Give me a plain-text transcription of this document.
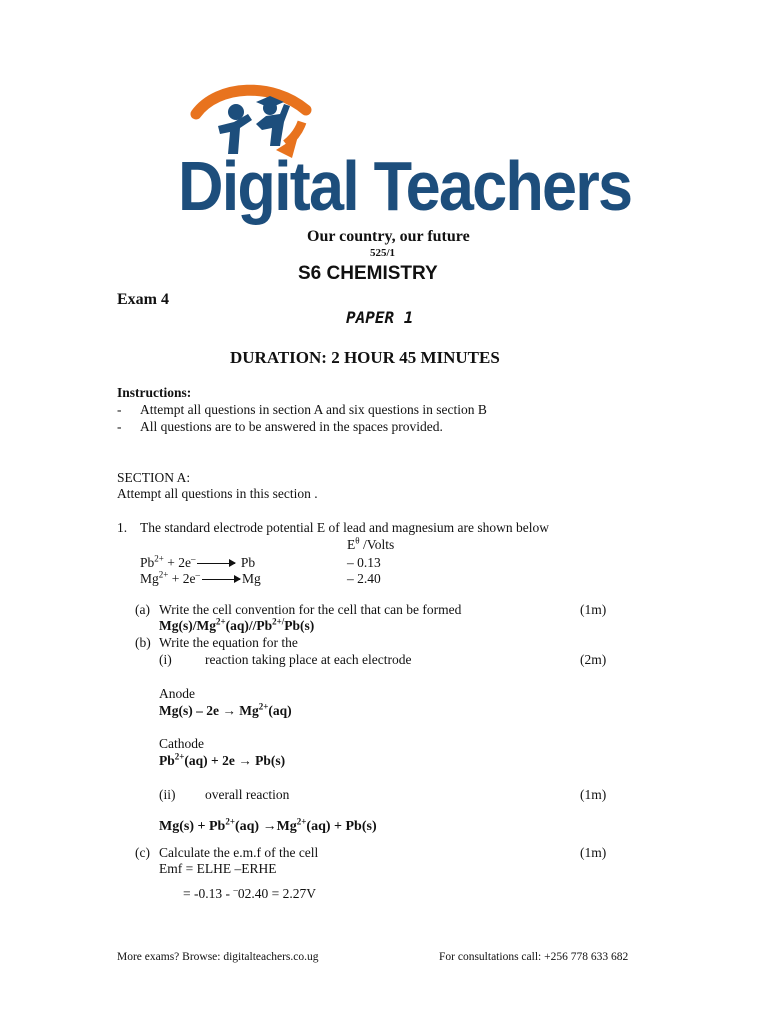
Digital Teachers
Our country, our future
525/1
S6 CHEMISTRY
Exam 4
PAPER 1
DURATION: 2 HOUR 45 MINUTES
Instructions:
- Attempt all questions in section A and six questions in section B
- All questions are to be answered in the spaces provided.
SECTION A:
Attempt all questions in this section .
1. The standard electrode potential E of lead and magnesium are shown below
$E^\theta$ /Volts
$Pb^{2+} + 2e^-$	Pb	– 0.13
$Mg^{2+} + 2e^-$	Mg	– 2.40
(a) Write the cell convention for the cell that can be formed	(1m)
$Mg(s)/Mg^{2+}(aq)//Pb^{2+/}Pb(s)$
(b) Write the equation for the
(i) reaction taking place at each electrode	(2m)
Anode
$Mg(s) - 2e \to Mg^{2+}(aq)$
Cathode
$Pb^{2+}(aq) + 2e \to Pb(s)$
(ii) overall reaction	(1m)
$Mg(s) + Pb^{2+}(aq) \to Mg^{2+}(aq) + Pb(s)$
(c) Calculate the e.m.f of the cell	(1m)
Emf = ELHE –ERHE
= -0.13 - –02.40 = 2.27V
More exams? Browse: digitalteachers.co.ug	For consultations call: +256 778 633 682
